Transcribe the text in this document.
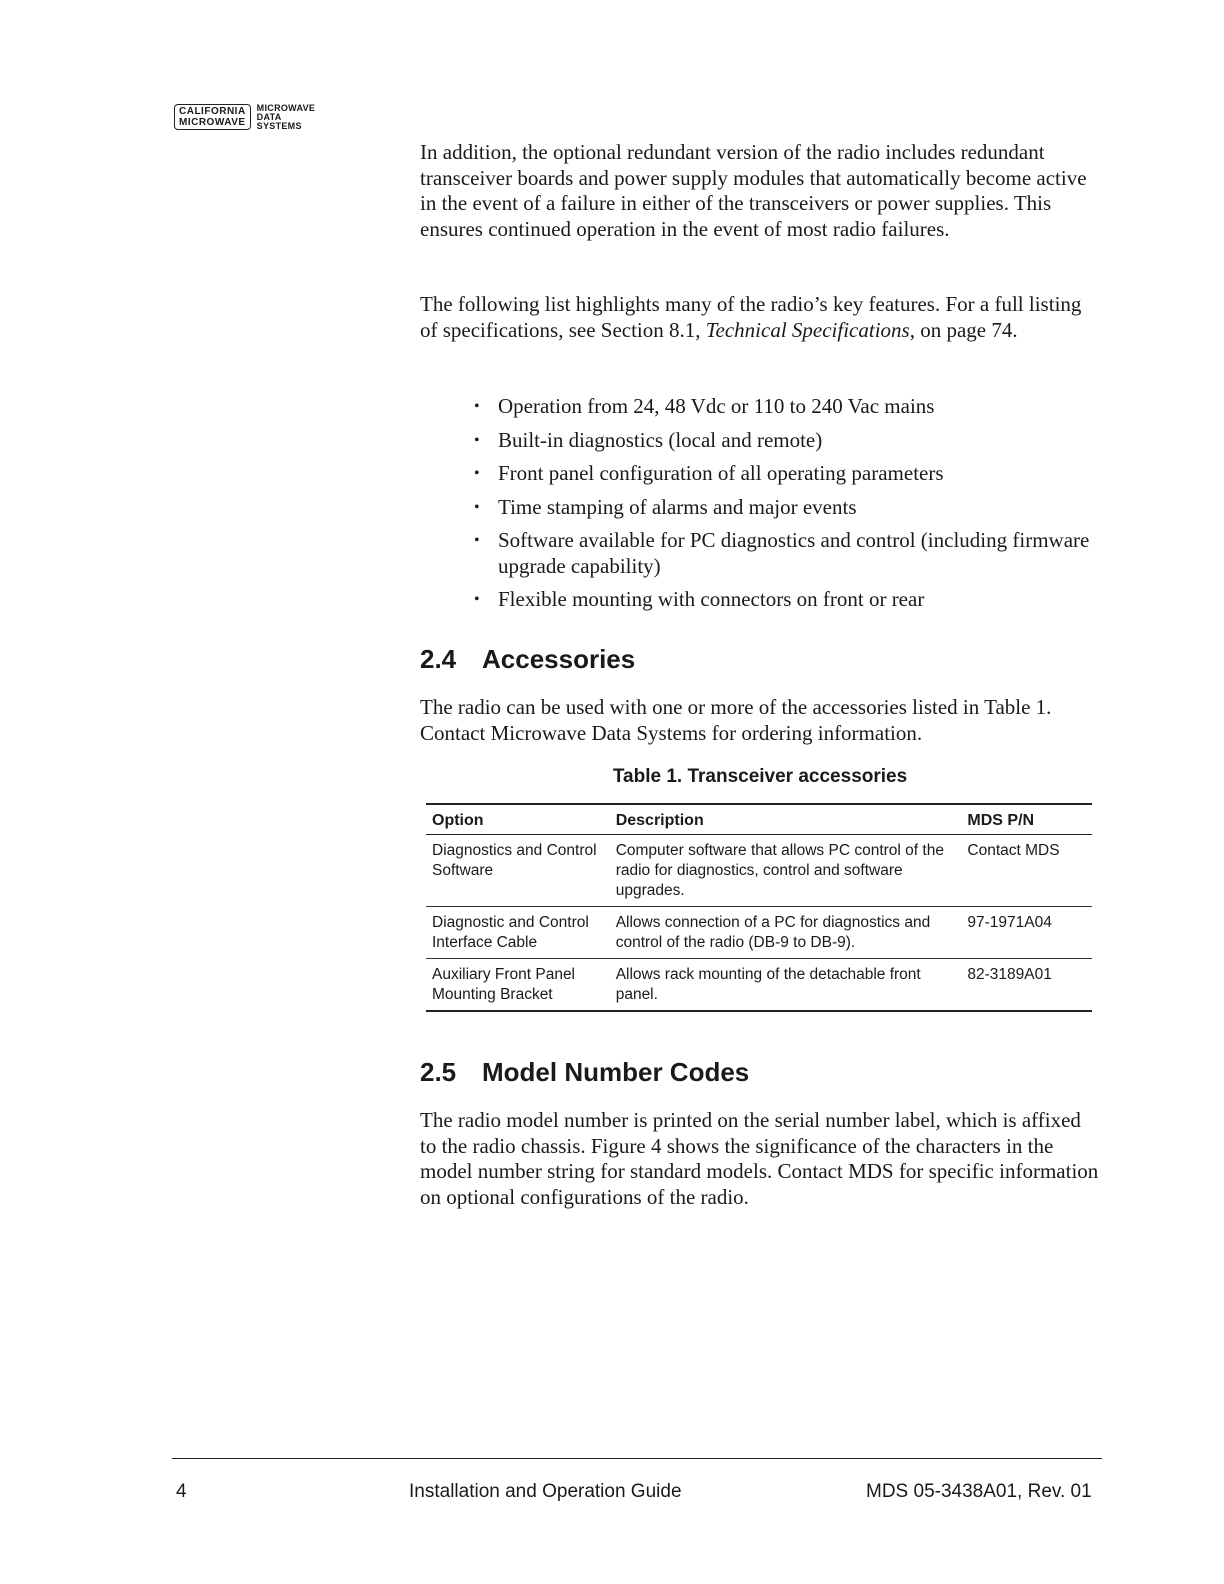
CALIFORNIA
MICROWAVE
MICROWAVE
DATA
SYSTEMS

In addition, the optional redundant version of the radio includes redundant transceiver boards and power supply modules that automatically become active in the event of a failure in either of the transceivers or power supplies. This ensures continued operation in the event of most radio failures.

The following list highlights many of the radio’s key features. For a full listing of specifications, see Section 8.1, Technical Specifications, on page 74.

• Operation from 24, 48 Vdc or 110 to 240 Vac mains
• Built-in diagnostics (local and remote)
• Front panel configuration of all operating parameters
• Time stamping of alarms and major events
• Software available for PC diagnostics and control (including firmware upgrade capability)
• Flexible mounting with connectors on front or rear
2.4 Accessories

The radio can be used with one or more of the accessories listed in Table 1. Contact Microwave Data Systems for ordering information.

Table 1. Transceiver accessories
Option	Description	MDS P/N
Diagnostics and Control Software	Computer software that allows PC control of the radio for diagnostics, control and software upgrades.	Contact MDS
Diagnostic and Control Interface Cable	Allows connection of a PC for diagnostics and control of the radio (DB-9 to DB-9).	97-1971A04
Auxiliary Front Panel Mounting Bracket	Allows rack mounting of the detachable front panel.	82-3189A01
2.5 Model Number Codes

The radio model number is printed on the serial number label, which is affixed to the radio chassis. Figure 4 shows the significance of the characters in the model number string for standard models. Contact MDS for specific information on optional configurations of the radio.

4	Installation and Operation Guide	MDS 05-3438A01, Rev. 01
